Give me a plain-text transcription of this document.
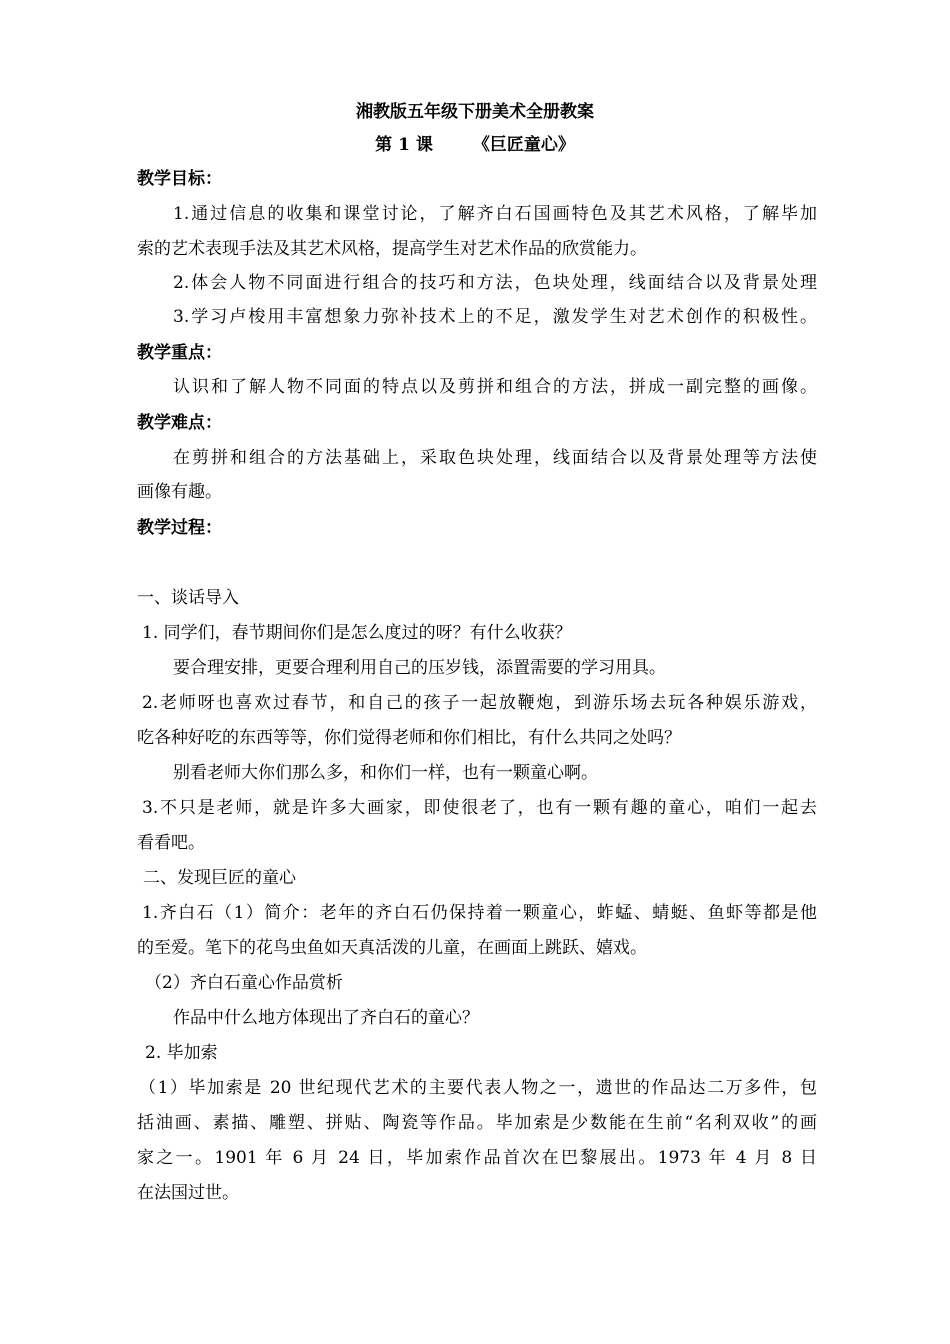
湘教版五年级下册美术全册教案
第 1 课 《巨匠童心》
教学目标：
1.通过信息的收集和课堂讨论，了解齐白石国画特色及其艺术风格，了解毕加
索的艺术表现手法及其艺术风格，提高学生对艺术作品的欣赏能力。
2.体会人物不同面进行组合的技巧和方法，色块处理，线面结合以及背景处理
3.学习卢梭用丰富想象力弥补技术上的不足，激发学生对艺术创作的积极性。
教学重点：
认识和了解人物不同面的特点以及剪拼和组合的方法，拼成一副完整的画像。
教学难点：
在剪拼和组合的方法基础上，采取色块处理，线面结合以及背景处理等方法使
画像有趣。
教学过程：
一、谈话导入
1. 同学们，春节期间你们是怎么度过的呀？有什么收获？
要合理安排，更要合理利用自己的压岁钱，添置需要的学习用具。
2.老师呀也喜欢过春节，和自己的孩子一起放鞭炮，到游乐场去玩各种娱乐游戏，
吃各种好吃的东西等等，你们觉得老师和你们相比，有什么共同之处吗？
别看老师大你们那么多，和你们一样，也有一颗童心啊。
3.不只是老师，就是许多大画家，即使很老了，也有一颗有趣的童心，咱们一起去
看看吧。
二、发现巨匠的童心
1.齐白石（1）简介：老年的齐白石仍保持着一颗童心，蚱蜢、蜻蜓、鱼虾等都是他
的至爱。笔下的花鸟虫鱼如天真活泼的儿童，在画面上跳跃、嬉戏。
（2）齐白石童心作品赏析
作品中什么地方体现出了齐白石的童心？
2. 毕加索
（1）毕加索是 20 世纪现代艺术的主要代表人物之一，遗世的作品达二万多件，包
括油画、素描、雕塑、拼贴、陶瓷等作品。毕加索是少数能在生前“名利双收”的画
家之一。1901 年 6 月 24 日，毕加索作品首次在巴黎展出。1973 年 4 月 8 日
在法国过世。
